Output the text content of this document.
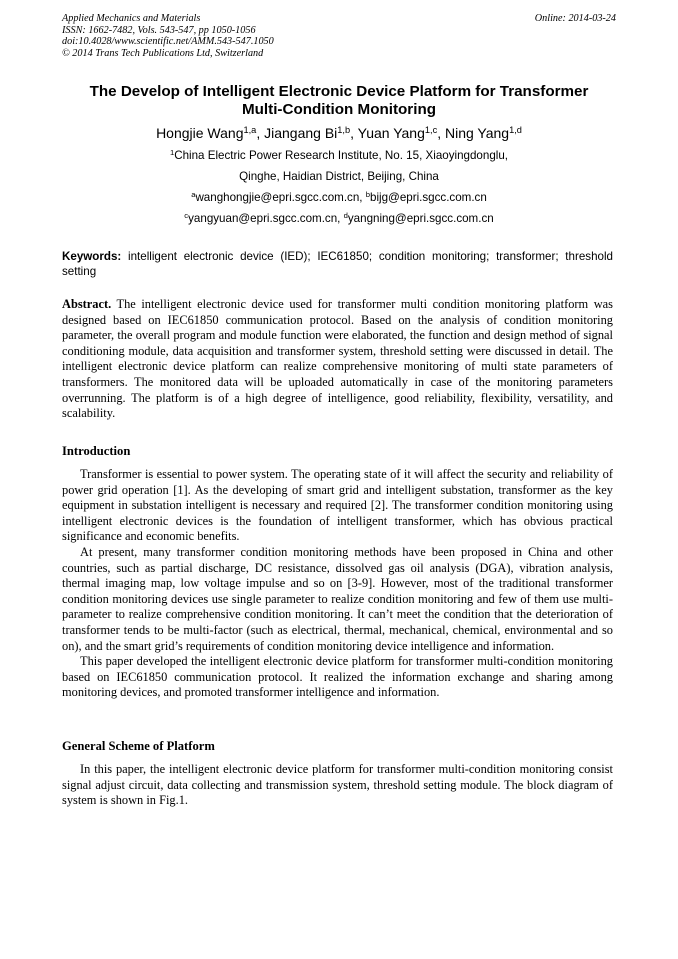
Applied Mechanics and Materials
ISSN: 1662-7482, Vols. 543-547, pp 1050-1056
doi:10.4028/www.scientific.net/AMM.543-547.1050
© 2014 Trans Tech Publications Ltd, Switzerland
Online: 2014-03-24
The Develop of Intelligent Electronic Device Platform for Transformer
Multi-Condition Monitoring
Hongjie Wang$^{1,a}$, Jiangang Bi$^{1,b}$, Yuan Yang$^{1,c}$, Ning Yang$^{1,d}$
$^1$China Electric Power Research Institute, No. 15, Xiaoyingdonglu,
Qinghe, Haidian District, Beijing, China
$^a$wanghongjie@epri.sgcc.com.cn, $^b$bijg@epri.sgcc.com.cn
$^c$yangyuan@epri.sgcc.com.cn, $^d$yangning@epri.sgcc.com.cn
Keywords: intelligent electronic device (IED); IEC61850; condition monitoring; transformer; threshold setting
Abstract. The intelligent electronic device used for transformer multi condition monitoring platform was designed based on IEC61850 communication protocol. Based on the analysis of condition monitoring parameter, the overall program and module function were elaborated, the function and design method of signal conditioning module, data acquisition and transformer system, threshold setting were discussed in detail. The intelligent electronic device platform can realize comprehensive monitoring of multi state parameters of transformers. The monitored data will be uploaded automatically in case of the monitoring parameters overrunning. The platform is of a high degree of intelligence, good reliability, flexibility, versatility, and scalability.
Introduction

Transformer is essential to power system. The operating state of it will affect the security and reliability of power grid operation [1]. As the developing of smart grid and intelligent substation, transformer as the key equipment in substation intelligent is necessary and required [2]. The transformer condition monitoring using intelligent electronic devices is the foundation of intelligent transformer, which has obvious practical significance and economic benefits.

At present, many transformer condition monitoring methods have been proposed in China and other countries, such as partial discharge, DC resistance, dissolved gas oil analysis (DGA), vibration analysis, thermal imaging map, low voltage impulse and so on [3-9]. However, most of the traditional transformer condition monitoring devices use single parameter to realize condition monitoring and few of them use multi-parameter to realize comprehensive condition monitoring. It can’t meet the condition that the deterioration of transformer tends to be multi-factor (such as electrical, thermal, mechanical, chemical, environmental and so on), and the smart grid’s requirements of condition monitoring device intelligence and information.

This paper developed the intelligent electronic device platform for transformer multi-condition monitoring based on IEC61850 communication protocol. It realized the information exchange and sharing among monitoring devices, and promoted transformer intelligence and information.

General Scheme of Platform

In this paper, the intelligent electronic device platform for transformer multi-condition monitoring consist signal adjust circuit, data collecting and transmission system, threshold setting module. The block diagram of system is shown in Fig.1.
